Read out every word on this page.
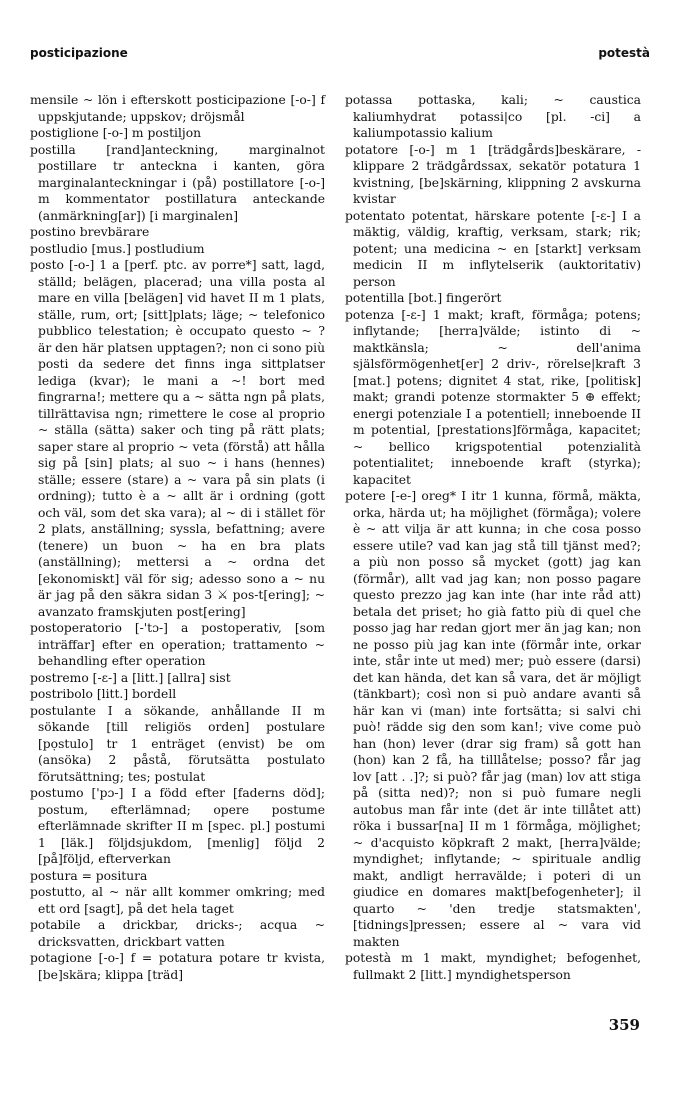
posticipazione	potestà

mensile ~ lön i efterskott posticipazione [-o-] f uppskjutande; uppskov; dröjsmål

postiglione [-o-] m postiljon

postilla [rand]anteckning, marginalnot postillare tr anteckna i kanten, göra marginalanteckningar i (på) postillatore [-o-] m kommentator postillatura anteckande (anmärkning[ar]) [i marginalen]

postino brevbärare

postludio [mus.] postludium

posto [-o-] 1 a [perf. ptc. av porre*] satt, lagd, ställd; belägen, placerad; una villa posta al mare en villa [belägen] vid havet II m 1 plats, ställe, rum, ort; [sitt]plats; läge; ~ telefonico pubblico telestation; è occupato questo ~ ? är den här platsen upptagen?; non ci sono più posti da sedere det finns inga sittplatser lediga (kvar); le mani a ~! bort med fingrarna!; mettere qu a ~ sätta ngn på plats, tillrättavisa ngn; rimettere le cose al proprio ~ ställa (sätta) saker och ting på rätt plats; saper stare al proprio ~ veta (förstå) att hålla sig på [sin] plats; al suo ~ i hans (hennes) ställe; essere (stare) a ~ vara på sin plats (i ordning); tutto è a ~ allt är i ordning (gott och väl, som det ska vara); al ~ di i stället för 2 plats, anställning; syssla, befattning; avere (tenere) un buon ~ ha en bra plats (anställning); mettersi a ~ ordna det [ekonomiskt] väl för sig; adesso sono a ~ nu är jag på den säkra sidan 3 ⚔ pos-t[ering]; ~ avanzato framskjuten post[ering]

postoperatorio [-'tɔ-] a postoperativ, [som inträffar] efter en operation; trattamento ~ behandling efter operation

postremo [-ɛ-] a [litt.] [allra] sist

postribolo [litt.] bordell

postulante I a sökande, anhållande II m sökande [till religiös orden] postulare [pọstulo] tr 1 enträget (envist) be om (ansöka) 2 påstå, förutsätta postulato förutsättning; tes; postulat

postumo ['pɔ-] I a född efter [faderns död]; postum, efterlämnad; opere postume efterlämnade skrifter II m [spec. pl.] postumi 1 [läk.] följdsjukdom, [menlig] följd 2 [på]följd, efterverkan

postura = positura

postutto, al ~ när allt kommer omkring; med ett ord [sagt], på det hela taget

potabile a drickbar, dricks-; acqua ~ dricksvatten, drickbart vatten

potagione [-o-] f = potatura potare tr kvista, [be]skära; klippa [träd]

potassa pottaska, kali; ~ caustica kaliumhydrat potassi|co [pl. -ci] a kaliumpotassio kalium

potatore [-o-] m 1 [trädgårds]beskärare, -klippare 2 trädgårdssax, sekatör potatura 1 kvistning, [be]skärning, klippning 2 avskurna kvistar

potentato potentat, härskare potente [-ɛ-] I a mäktig, väldig, kraftig, verksam, stark; rik; potent; una medicina ~ en [starkt] verksam medicin II m inflytelserik (auktoritativ) person

potentilla [bot.] fingerört

potenza [-ɛ-] 1 makt; kraft, förmåga; potens; inflytande; [herra]välde; istinto di ~ maktkänsla; ~ dell'anima själsförmögenhet[er] 2 driv-, rörelse|kraft 3 [mat.] potens; dignitet 4 stat, rike, [politisk] makt; grandi potenze stormakter 5 ⊕ effekt; energi potenziale I a potentiell; inneboende II m potential, [prestations]förmåga, kapacitet; ~ bellico krigspotential potenzialità potentialitet; inneboende kraft (styrka); kapacitet

potere [-e-] oreg* I itr 1 kunna, förmå, mäkta, orka, härda ut; ha möjlighet (förmåga); volere è ~ att vilja är att kunna; in che cosa posso essere utile? vad kan jag stå till tjänst med?; a più non posso så mycket (gott) jag kan (förmår), allt vad jag kan; non posso pagare questo prezzo jag kan inte (har inte råd att) betala det priset; ho già fatto più di quel che posso jag har redan gjort mer än jag kan; non ne posso più jag kan inte (förmår inte, orkar inte, står inte ut med) mer; può essere (darsi) det kan hända, det kan så vara, det är möjligt (tänkbart); così non si può andare avanti så här kan vi (man) inte fortsätta; si salvi chi può! rädde sig den som kan!; vive come può han (hon) lever (drar sig fram) så gott han (hon) kan 2 få, ha tilllåtelse; posso? får jag lov [att . .]?; si può? får jag (man) lov att stiga på (sitta ned)?; non si può fumare negli autobus man får inte (det är inte tillåtet att) röka i bussar[na] II m 1 förmåga, möjlighet; ~ d'acquisto köpkraft 2 makt, [herra]välde; myndighet; inflytande; ~ spirituale andlig makt, andligt herravälde; i poteri di un giudice en domares makt[befogenheter]; il quarto ~ 'den tredje statsmakten', [tidnings]pressen; essere al ~ vara vid makten

potestà m 1 makt, myndighet; befogenhet, fullmakt 2 [litt.] myndighetsperson

359
